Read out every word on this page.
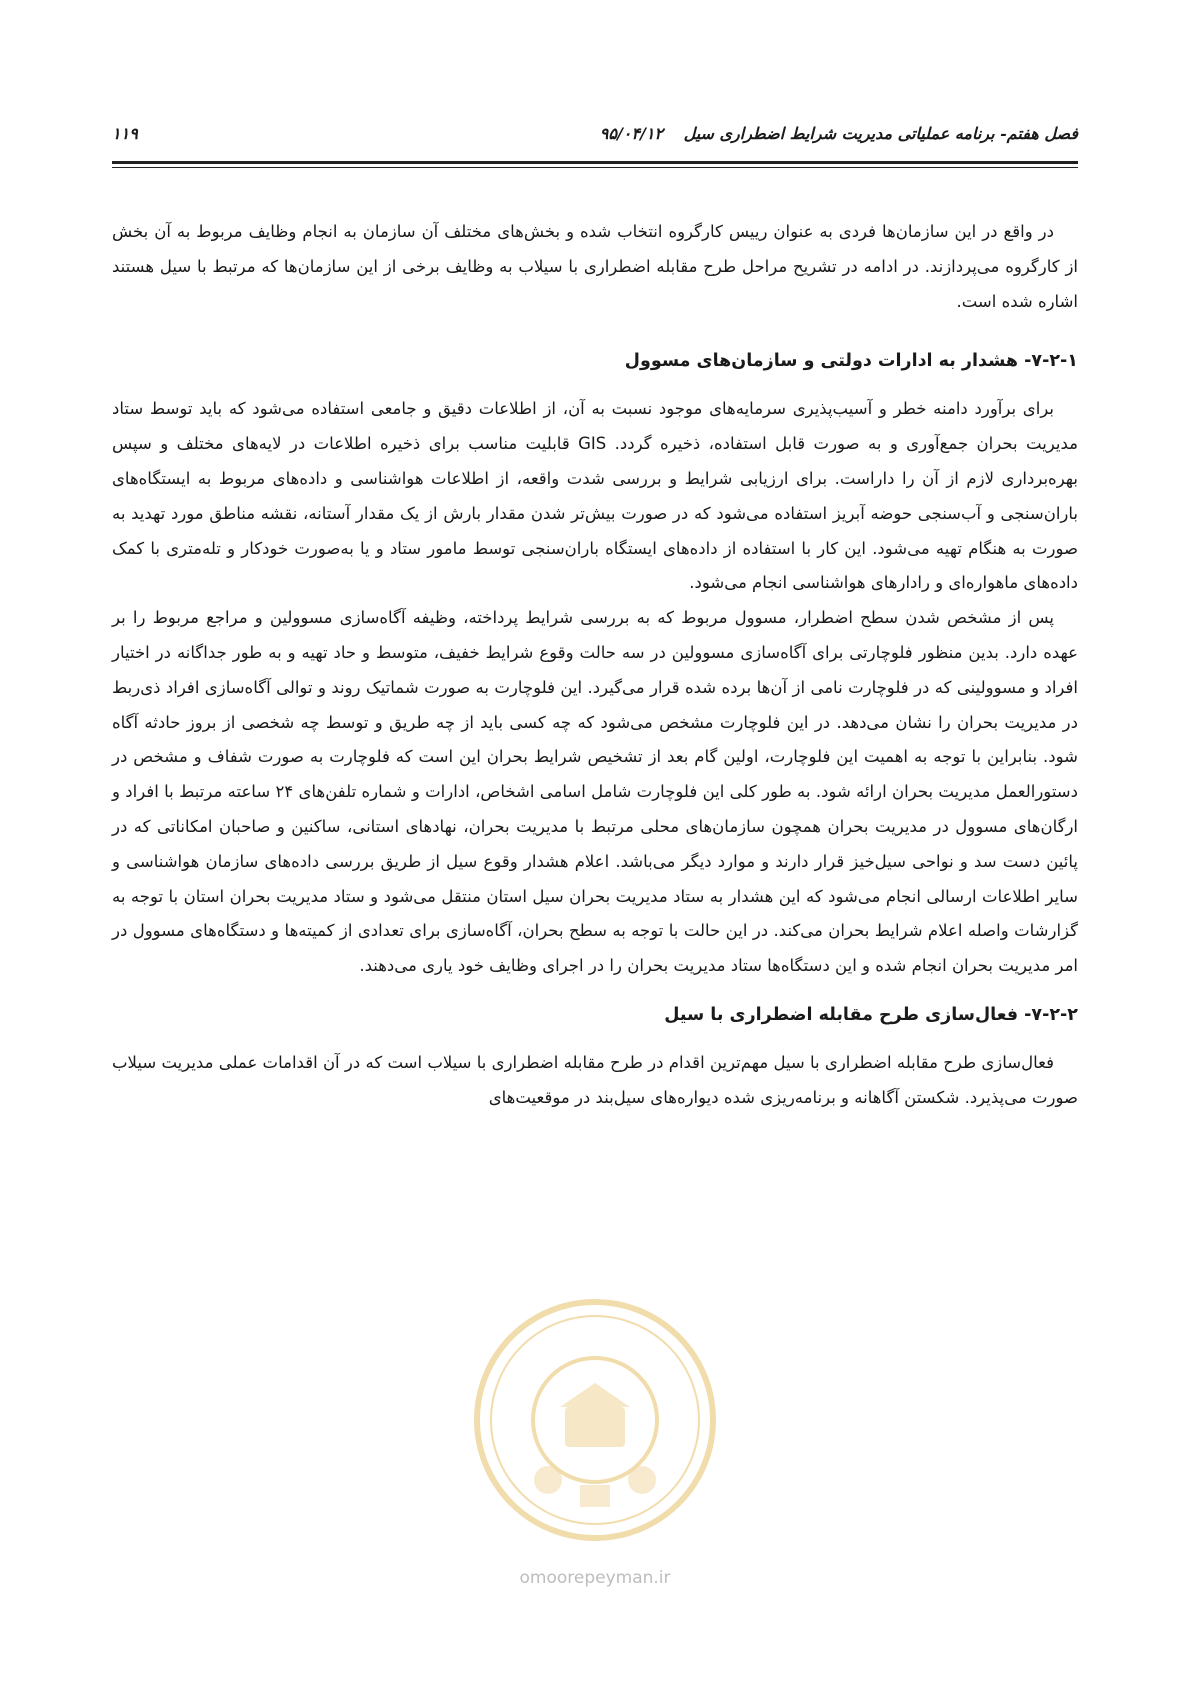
فصل هفتم- برنامه عملیاتی مدیریت شرایط اضطراری سیل
۹۵/۰۴/۱۲
۱۱۹

در واقع در این سازمان‌ها فردی به عنوان رییس کارگروه انتخاب شده و بخش‌های مختلف آن سازمان به انجام وظایف مربوط به آن بخش از کارگروه می‌پردازند. در ادامه در تشریح مراحل طرح مقابله اضطراری با سیلاب به وظایف برخی از این سازمان‌ها که مرتبط با سیل هستند اشاره شده است.

۷-۲-۱- هشدار به ادارات دولتی و سازمان‌های مسوول

برای برآورد دامنه خطر و آسیب‌پذیری سرمایه‌های موجود نسبت به آن، از اطلاعات دقیق و جامعی استفاده می‌شود که باید توسط ستاد مدیریت بحران جمع‌آوری و به صورت قابل استفاده، ذخیره گردد. GIS قابلیت مناسب برای ذخیره اطلاعات در لایه‌های مختلف و سپس بهره‌برداری لازم از آن را داراست. برای ارزیابی شرایط و بررسی شدت واقعه، از اطلاعات هواشناسی و داده‌های مربوط به ایستگاه‌های باران‌سنجی و آب‌سنجی حوضه آبریز استفاده می‌شود که در صورت بیش‌تر شدن مقدار بارش از یک مقدار آستانه، نقشه مناطق مورد تهدید به صورت به هنگام تهیه می‌شود. این کار با استفاده از داده‌های ایستگاه باران‌سنجی توسط مامور ستاد و یا به‌صورت خودکار و تله‌متری با کمک داده‌های ماهواره‌ای و رادارهای هواشناسی انجام می‌شود.

پس از مشخص شدن سطح اضطرار، مسوول مربوط که به بررسی شرایط پرداخته، وظیفه آگاه‌سازی مسوولین و مراجع مربوط را بر عهده دارد. بدین منظور فلوچارتی برای آگاه‌سازی مسوولین در سه حالت وقوع شرایط خفیف، متوسط و حاد تهیه و به طور جداگانه در اختیار افراد و مسوولینی که در فلوچارت نامی از آن‌ها برده شده قرار می‌گیرد. این فلوچارت به صورت شماتیک روند و توالی آگاه‌سازی افراد ذی‌ربط در مدیریت بحران را نشان می‌دهد. در این فلوچارت مشخص می‌شود که چه کسی باید از چه طریق و توسط چه شخصی از بروز حادثه آگاه شود. بنابراین با توجه به اهمیت این فلوچارت، اولین گام بعد از تشخیص شرایط بحران این است که فلوچارت به صورت شفاف و مشخص در دستورالعمل مدیریت بحران ارائه شود. به طور کلی این فلوچارت شامل اسامی اشخاص، ادارات و شماره تلفن‌های ۲۴ ساعته مرتبط با افراد و ارگان‌های مسوول در مدیریت بحران همچون سازمان‌های محلی مرتبط با مدیریت بحران، نهادهای استانی، ساکنین و صاحبان امکاناتی که در پائین دست سد و نواحی سیل‌خیز قرار دارند و موارد دیگر می‌باشد. اعلام هشدار وقوع سیل از طریق بررسی داده‌های سازمان هواشناسی و سایر اطلاعات ارسالی انجام می‌شود که این هشدار به ستاد مدیریت بحران سیل استان منتقل می‌شود و ستاد مدیریت بحران استان با توجه به گزارشات واصله اعلام شرایط بحران می‌کند. در این حالت با توجه به سطح بحران، آگاه‌سازی برای تعدادی از کمیته‌ها و دستگاه‌های مسوول در امر مدیریت بحران انجام شده و این دستگاه‌ها ستاد مدیریت بحران را در اجرای وظایف خود یاری می‌دهند.

۷-۲-۲- فعال‌سازی طرح مقابله اضطراری با سیل

فعال‌سازی طرح مقابله اضطراری با سیل مهم‌ترین اقدام در طرح مقابله اضطراری با سیلاب است که در آن اقدامات عملی مدیریت سیلاب صورت می‌پذیرد. شکستن آگاهانه و برنامه‌ریزی شده دیواره‌های سیل‌بند در موقعیت‌های

omoorepeyman.ir
